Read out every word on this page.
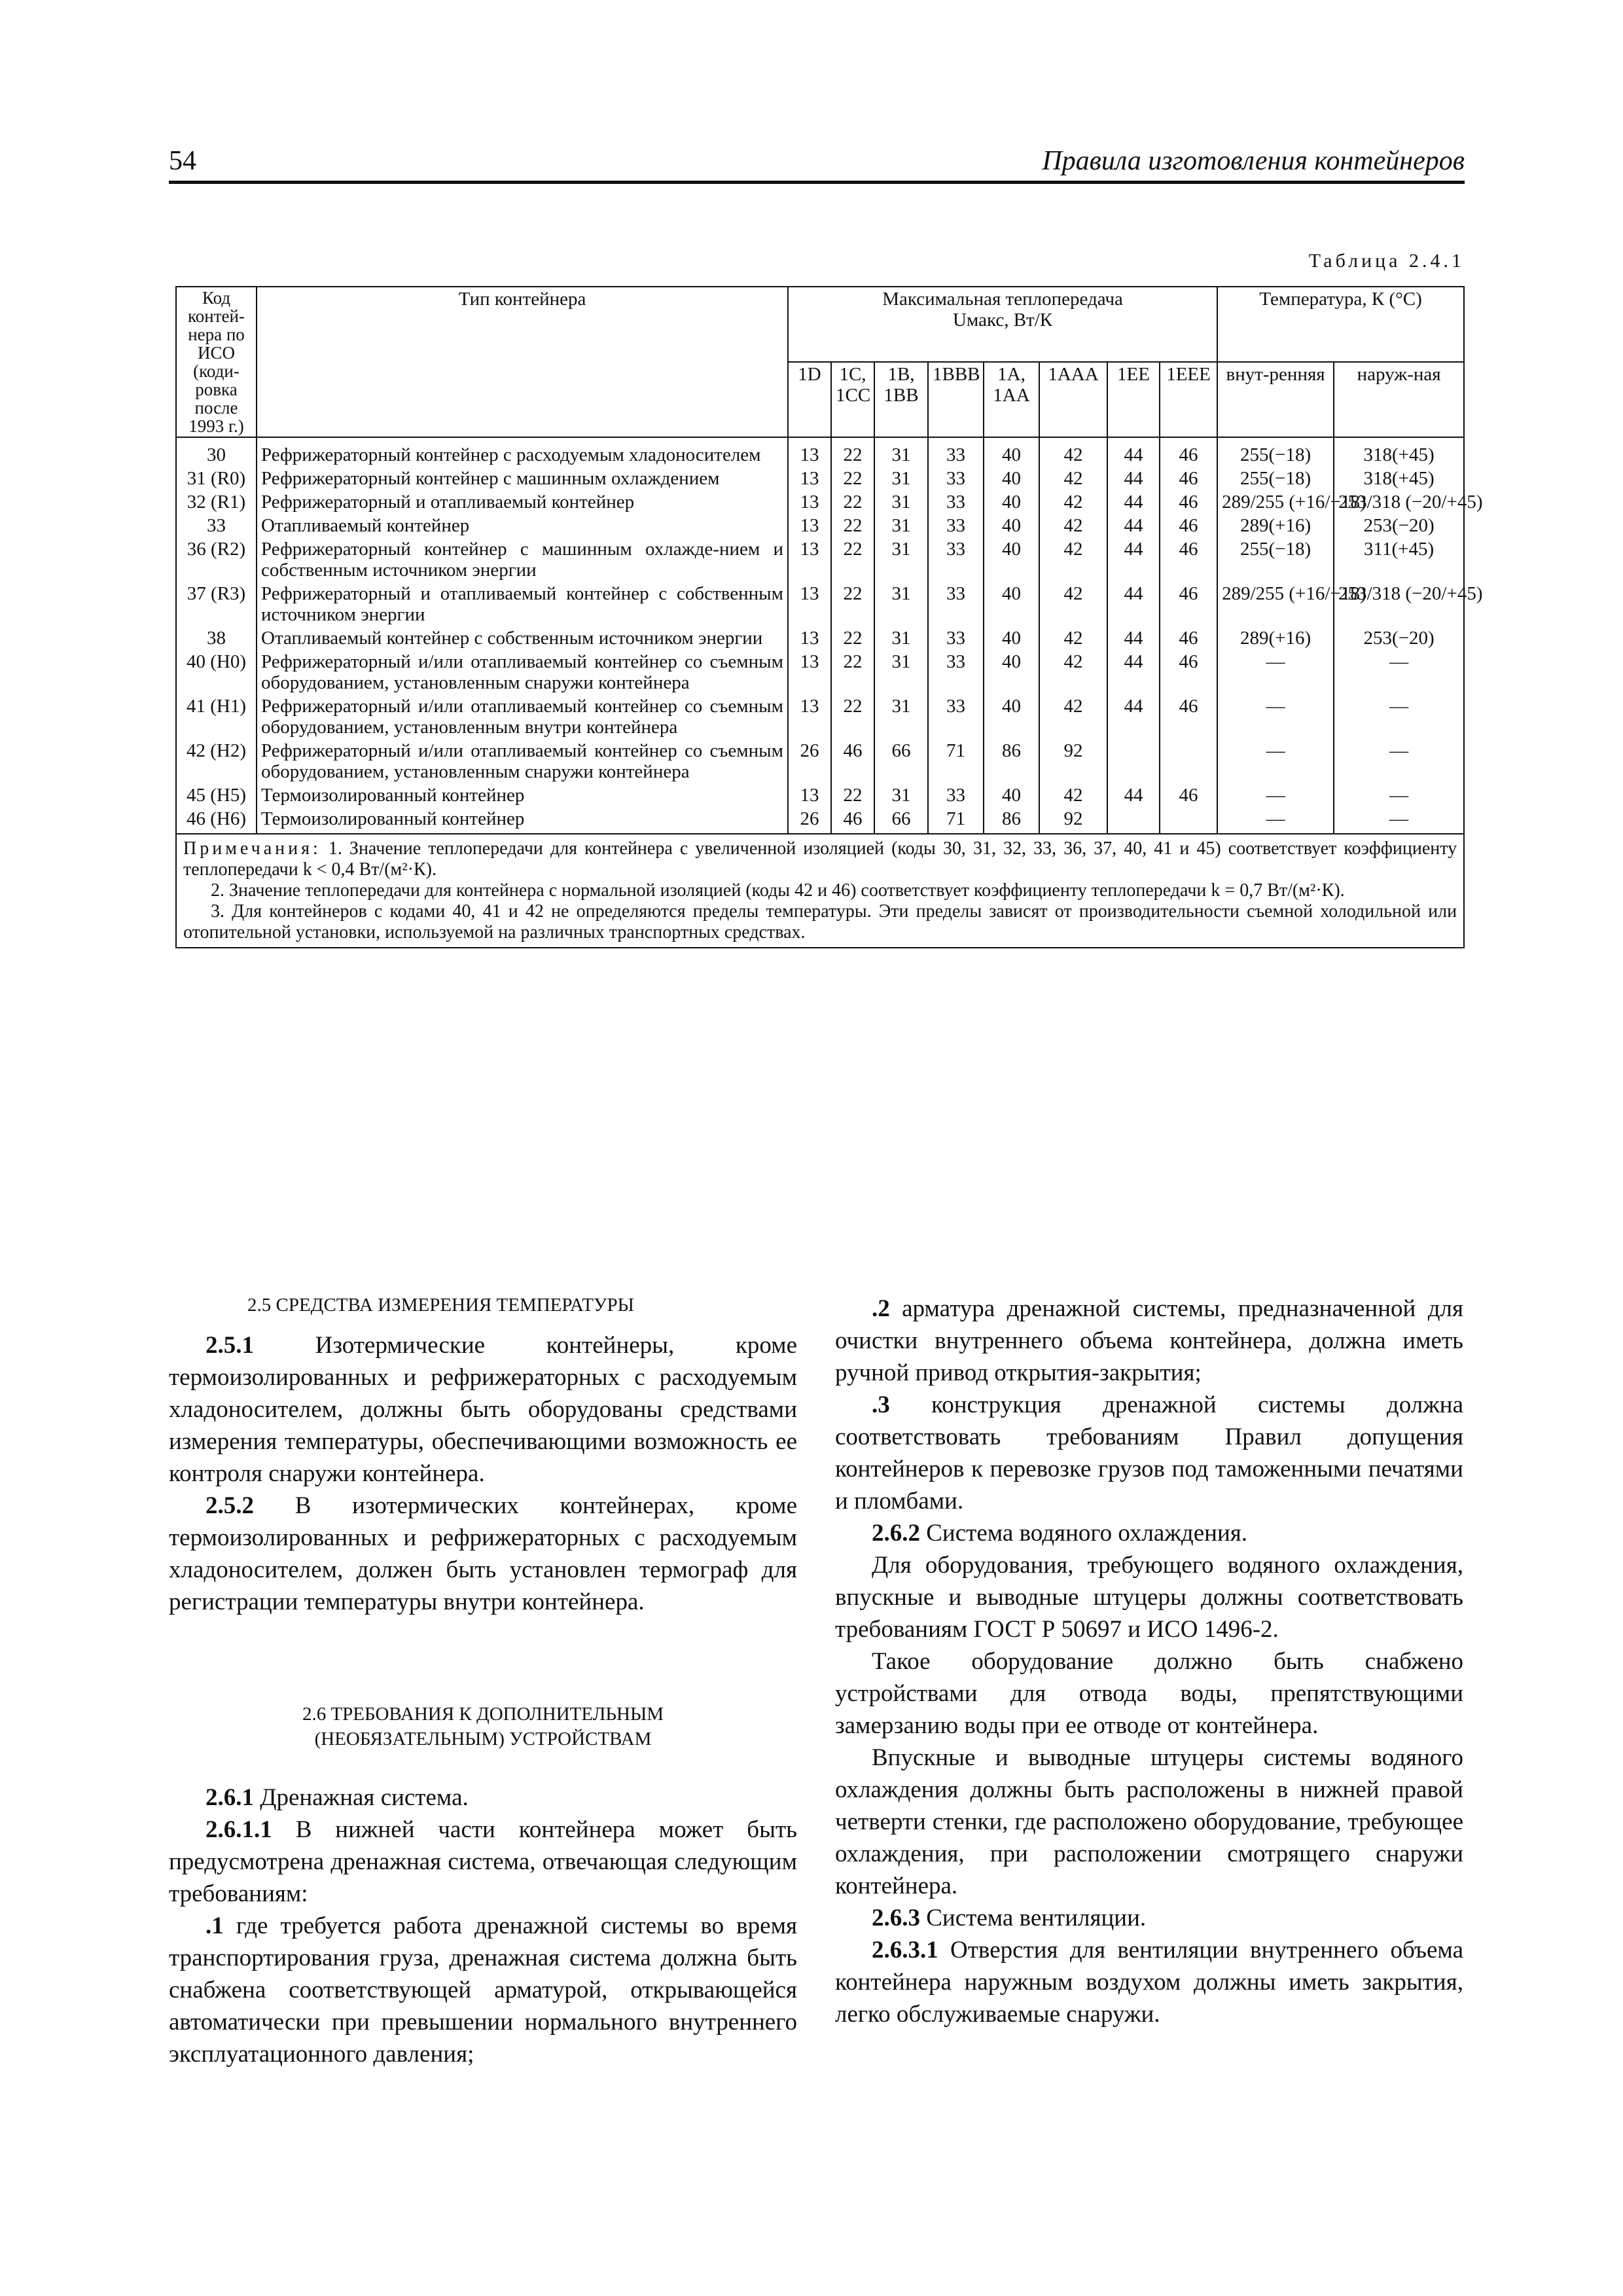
54	Правила изготовления контейнеров
Таблица 2.4.1
Код контей-нера по ИСО (коди-ровка после 1993 г.)	Тип контейнера	Максимальная теплопередача
Uмакс, Вт/К								Температура, К (°С)	
		1D	1C, 1CC	1B, 1BB	1BBB	1A, 1AA	1AAA	1EE	1EEE	внут-ренняя	наруж-ная
30	Рефрижераторный контейнер с расходуемым хладоносителем	13	22	31	33	40	42	44	46	255(−18)	318(+45)
31 (R0)	Рефрижераторный контейнер с машинным охлаждением	13	22	31	33	40	42	44	46	255(−18)	318(+45)
32 (R1)	Рефрижераторный и отапливаемый контейнер	13	22	31	33	40	42	44	46	289/255 (+16/−18)	253/318 (−20/+45)
33	Отапливаемый контейнер	13	22	31	33	40	42	44	46	289(+16)	253(−20)
36 (R2)	Рефрижераторный контейнер с машинным охлажде-нием и собственным источником энергии	13	22	31	33	40	42	44	46	255(−18)	311(+45)
37 (R3)	Рефрижераторный и отапливаемый контейнер с собственным источником энергии	13	22	31	33	40	42	44	46	289/255 (+16/−18)	253/318 (−20/+45)
38	Отапливаемый контейнер с собственным источником энергии	13	22	31	33	40	42	44	46	289(+16)	253(−20)
40 (H0)	Рефрижераторный и/или отапливаемый контейнер со съемным оборудованием, установленным снаружи контейнера	13	22	31	33	40	42	44	46	—	—
41 (H1)	Рефрижераторный и/или отапливаемый контейнер со съемным оборудованием, установленным внутри контейнера	13	22	31	33	40	42	44	46	—	—
42 (H2)	Рефрижераторный и/или отапливаемый контейнер со съемным оборудованием, установленным снаружи контейнера	26	46	66	71	86	92			—	—
45 (H5)	Термоизолированный контейнер	13	22	31	33	40	42	44	46	—	—
46 (H6)	Термоизолированный контейнер	26	46	66	71	86	92			—	—

Примечания: 1. Значение теплопередачи для контейнера с увеличенной изоляцией (коды 30, 31, 32, 33, 36, 37, 40, 41 и 45) соответствует коэффициенту теплопередачи k < 0,4 Вт/(м²·К).
2. Значение теплопередачи для контейнера с нормальной изоляцией (коды 42 и 46) соответствует коэффициенту теплопередачи k = 0,7 Вт/(м²·К).
3. Для контейнеров с кодами 40, 41 и 42 не определяются пределы температуры. Эти пределы зависят от производительности съемной холодильной или отопительной установки, используемой на различных транспортных средствах.											
2.5 СРЕДСТВА ИЗМЕРЕНИЯ ТЕМПЕРАТУРЫ

2.5.1	Изотермические контейнеры, кроме термоизолированных и рефрижераторных с расходуемым хладоносителем, должны быть оборудованы средствами измерения температуры, обеспечивающими возможность ее контроля снаружи контейнера.

2.5.2 В изотермических контейнерах, кроме термоизолированных и рефрижераторных с расходуемым хладоносителем, должен быть установлен термограф для регистрации температуры внутри контейнера.

2.6 ТРЕБОВАНИЯ К ДОПОЛНИТЕЛЬНЫМ
(НЕОБЯЗАТЕЛЬНЫМ) УСТРОЙСТВАМ

2.6.1 Дренажная система.

2.6.1.1 В нижней части контейнера может быть предусмотрена дренажная система, отвечающая следующим требованиям:

.1 где требуется работа дренажной системы во время транспортирования груза, дренажная система должна быть снабжена соответствующей арматурой, открывающейся автоматически при превышении нормального внутреннего эксплуатационного давления;

.2 арматура дренажной системы, предназначенной для очистки внутреннего объема контейнера, должна иметь ручной привод открытия-закрытия;

.3 конструкция дренажной системы должна соответствовать требованиям Правил допущения контейнеров к перевозке грузов под таможенными печатями и пломбами.

2.6.2 Система водяного охлаждения.

Для оборудования, требующего водяного охлаждения, впускные и выводные штуцеры должны соответствовать требованиям ГОСТ Р 50697 и ИСО 1496-2.

Такое оборудование должно быть снабжено устройствами для отвода воды, препятствующими замерзанию воды при ее отводе от контейнера.

Впускные и выводные штуцеры системы водяного охлаждения должны быть расположены в нижней правой четверти стенки, где расположено оборудование, требующее охлаждения, при расположении смотрящего снаружи контейнера.

2.6.3 Система вентиляции.

2.6.3.1 Отверстия для вентиляции внутреннего объема контейнера наружным воздухом должны иметь закрытия, легко обслуживаемые снаружи.
